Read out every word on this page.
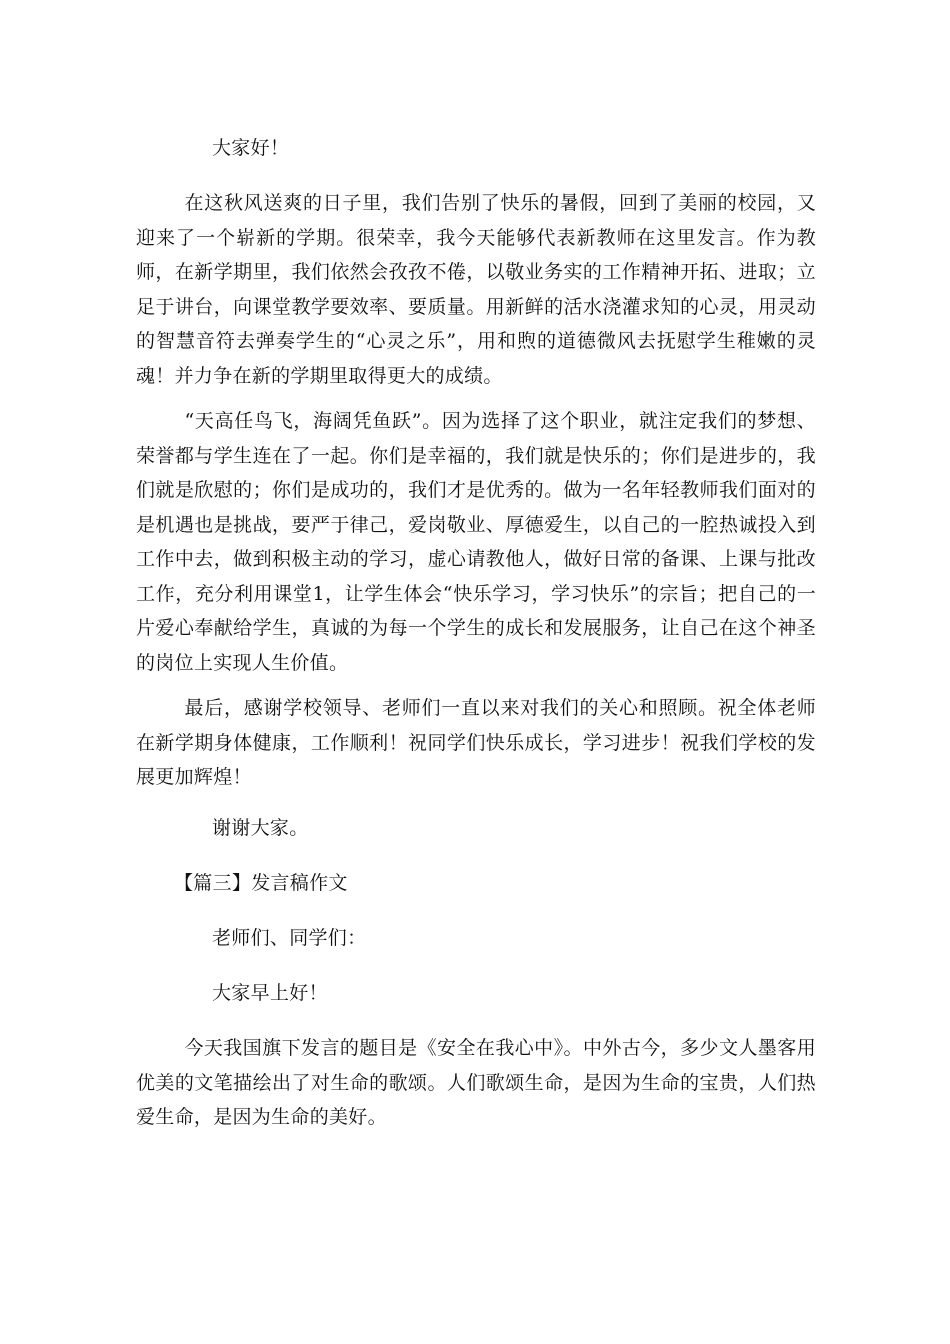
大家好！

在这秋风送爽的日子里，我们告别了快乐的暑假，回到了美丽的校园，又迎来了一个崭新的学期。很荣幸，我今天能够代表新教师在这里发言。作为教师，在新学期里，我们依然会孜孜不倦，以敬业务实的工作精神开拓、进取；立足于讲台，向课堂教学要效率、要质量。用新鲜的活水浇灌求知的心灵，用灵动的智慧音符去弹奏学生的“心灵之乐”，用和煦的道德微风去抚慰学生稚嫩的灵魂！并力争在新的学期里取得更大的成绩。

“天高任鸟飞，海阔凭鱼跃”。因为选择了这个职业，就注定我们的梦想、荣誉都与学生连在了一起。你们是幸福的，我们就是快乐的；你们是进步的，我们就是欣慰的；你们是成功的，我们才是优秀的。做为一名年轻教师我们面对的是机遇也是挑战，要严于律己，爱岗敬业、厚德爱生，以自己的一腔热诚投入到工作中去，做到积极主动的学习，虚心请教他人，做好日常的备课、上课与批改工作，充分利用课堂1，让学生体会“快乐学习，学习快乐”的宗旨；把自己的一片爱心奉献给学生，真诚的为每一个学生的成长和发展服务，让自己在这个神圣的岗位上实现人生价值。

最后，感谢学校领导、老师们一直以来对我们的关心和照顾。祝全体老师在新学期身体健康，工作顺利！祝同学们快乐成长，学习进步！祝我们学校的发展更加辉煌！

谢谢大家。

【篇三】发言稿作文

老师们、同学们：

大家早上好！

今天我国旗下发言的题目是《安全在我心中》。中外古今，多少文人墨客用优美的文笔描绘出了对生命的歌颂。人们歌颂生命，是因为生命的宝贵，人们热爱生命，是因为生命的美好。
